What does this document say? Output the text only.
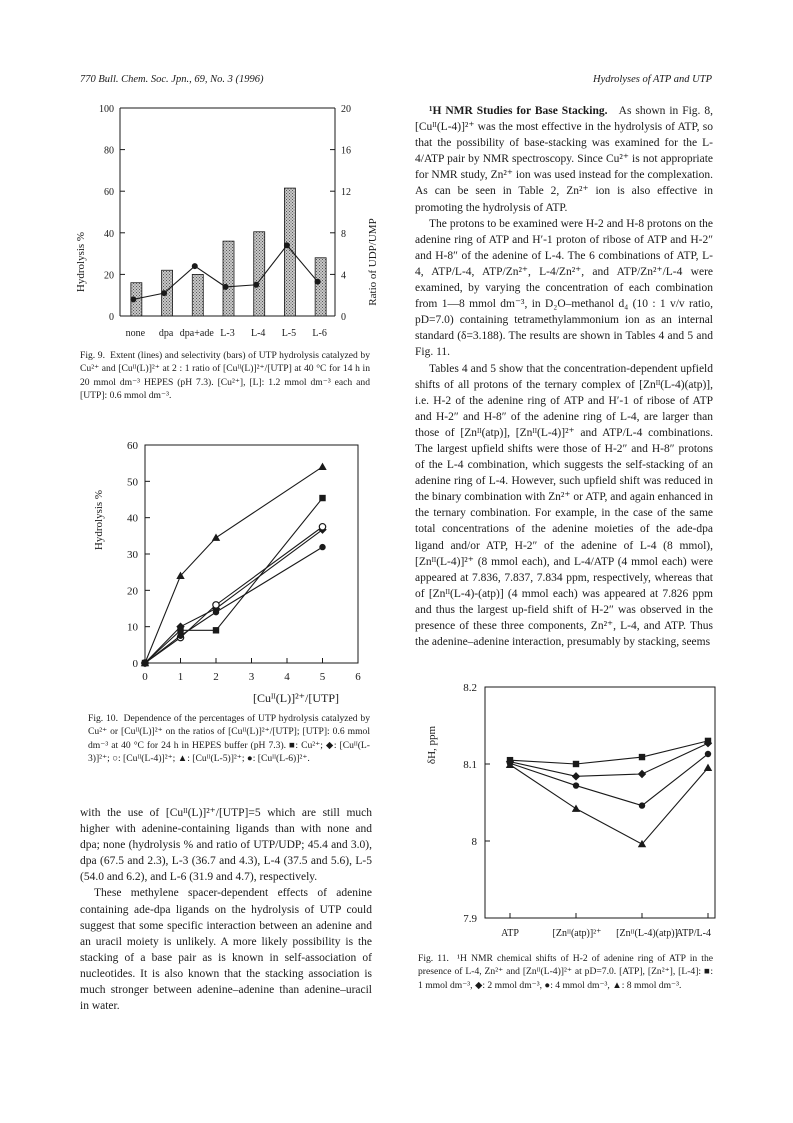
770 Bull. Chem. Soc. Jpn., 69, No. 3 (1996)	Hydrolyses of ATP and UTP
0	0
20	4
40	8
60	12
80	16
100	20
none dpa dpa+ade L-3 L-4 L-5 L-6
Hydrolysis %	Ratio of UDP/UMP
Fig. 9. Extent (lines) and selectivity (bars) of UTP hydrolysis catalyzed by Cu²⁺ and [Cuᴵᴵ(L)]²⁺ at 2 : 1 ratio of [Cuᴵᴵ(L)]²⁺/[UTP] at 40 °C for 14 h in 20 mmol dm⁻³ HEPES (pH 7.3). [Cu²⁺], [L]: 1.2 mmol dm⁻³ each and [UTP]: 0.6 mmol dm⁻³.
0
10
20
30
40
50
60
0	1	2	3	4	5	6
Hydrolysis %
[Cuᴵᴵ(L)]²⁺/[UTP]
Fig. 10. Dependence of the percentages of UTP hydrolysis catalyzed by Cu²⁺ or [Cuᴵᴵ(L)]²⁺ on the ratios of [Cuᴵᴵ(L)]²⁺/[UTP]; [UTP]: 0.6 mmol dm⁻³ at 40 °C for 24 h in HEPES buffer (pH 7.3). ■: Cu²⁺; ◆: [Cuᴵᴵ(L-3)]²⁺; ○: [Cuᴵᴵ(L-4)]²⁺; ▲: [Cuᴵᴵ(L-5)]²⁺; ●: [Cuᴵᴵ(L-6)]²⁺.

with the use of [Cuᴵᴵ(L)]²⁺/[UTP]=5 which are still much higher with adenine-containing ligands than with none and dpa; none (hydrolysis % and ratio of UTP/UDP; 45.4 and 3.0), dpa (67.5 and 2.3), L-3 (36.7 and 4.3), L-4 (37.5 and 5.6), L-5 (54.0 and 6.2), and L-6 (31.9 and 4.7), respectively.

These methylene spacer-dependent effects of adenine containing ade-dpa ligands on the hydrolysis of UTP could suggest that some specific interaction between an adenine and an uracil moiety is unlikely. A more likely possibility is the stacking of a base pair as is known in self-association of nucleotides. It is also known that the stacking association is much stronger between adenine–adenine than adenine–uracil in water.

¹H NMR Studies for Base Stacking. As shown in Fig. 8, [Cuᴵᴵ(L-4)]²⁺ was the most effective in the hydrolysis of ATP, so that the possibility of base-stacking was examined for the L-4/ATP pair by NMR spectroscopy. Since Cu²⁺ is not appropriate for NMR study, Zn²⁺ ion was used instead for the complexation. As can be seen in Table 2, Zn²⁺ ion is also effective in promoting the hydrolysis of ATP.

The protons to be examined were H-2 and H-8 protons on the adenine ring of ATP and H′-1 proton of ribose of ATP and H-2″ and H-8″ of the adenine of L-4. The 6 combinations of ATP, L-4, ATP/L-4, ATP/Zn²⁺, L-4/Zn²⁺, and ATP/Zn²⁺/L-4 were examined, by varying the concentration of each combination from 1—8 mmol dm⁻³, in D₂O–methanol d₄ (10 : 1 v/v ratio, pD=7.0) containing tetramethylammonium ion as an internal standard (δ=3.188). The results are shown in Tables 4 and 5 and Fig. 11.

Tables 4 and 5 show that the concentration-dependent upfield shifts of all protons of the ternary complex of [Znᴵᴵ(L-4)(atp)], i.e. H-2 of the adenine ring of ATP and H′-1 of ribose of ATP and H-2″ and H-8″ of the adenine ring of L-4, are larger than those of [Znᴵᴵ(atp)], [Znᴵᴵ(L-4)]²⁺ and ATP/L-4 combinations. The largest upfield shifts were those of H-2″ and H-8″ protons of the L-4 combination, which suggests the self-stacking of an adenine ring of L-4. However, such upfield shift was reduced in the binary combination with Zn²⁺ or ATP, and again enhanced in the ternary combination. For example, in the case of the same total concentrations of the adenine moieties of the ade-dpa ligand and/or ATP, H-2″ of the adenine of L-4 (8 mmol), [Znᴵᴵ(L-4)]²⁺ (8 mmol each), and L-4/ATP (4 mmol each) were appeared at 7.836, 7.837, 7.834 ppm, respectively, whereas that of [Znᴵᴵ(L-4)-(atp)] (4 mmol each) was appeared at 7.826 ppm and thus the largest up-field shift of H-2″ was observed in the presence of these three components, Zn²⁺, L-4, and ATP. Thus the adenine–adenine interaction, presumably by stacking, seems

7.9
8
8.1
8.2
ATP	[Znᴵᴵ(atp)]²⁺ [Znᴵᴵ(L-4)(atp)]
ATP/L-4
δH, ppm
Fig. 11. ¹H NMR chemical shifts of H-2 of adenine ring of ATP in the presence of L-4, Zn²⁺ and [Znᴵᴵ(L-4)]²⁺ at pD=7.0. [ATP], [Zn²⁺], [L-4]: ■: 1 mmol dm⁻³, ◆: 2 mmol dm⁻³, ●: 4 mmol dm⁻³, ▲: 8 mmol dm⁻³.
